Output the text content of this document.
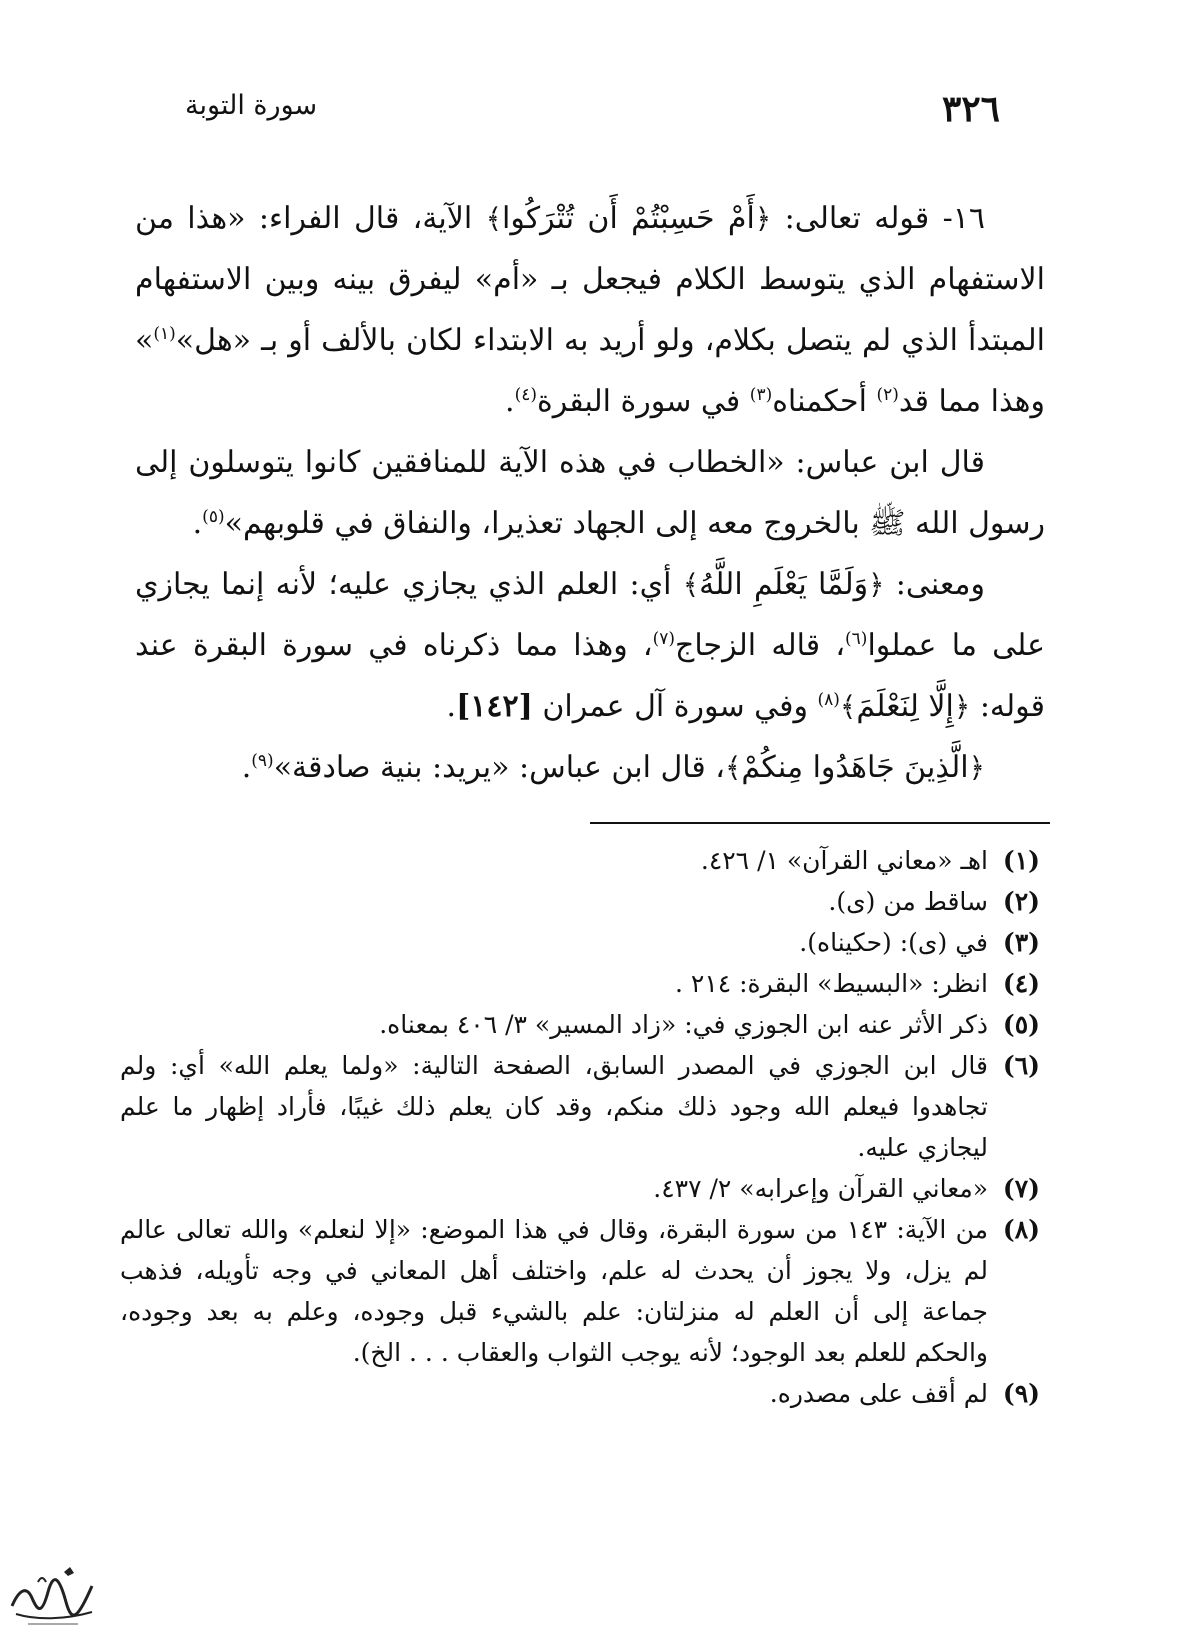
٣٢٦
سورة التوبة

١٦- قوله تعالى: ﴿أَمْ حَسِبْتُمْ أَن تُتْرَكُوا﴾ الآية، قال الفراء: «هذا من الاستفهام الذي يتوسط الكلام فيجعل بـ «أم» ليفرق بينه وبين الاستفهام المبتدأ الذي لم يتصل بكلام، ولو أريد به الابتداء لكان بالألف أو بـ «هل»$^{(١)}$» وهذا مما قد$^{(٢)}$ أحكمناه$^{(٣)}$ في سورة البقرة$^{(٤)}$.

قال ابن عباس: «الخطاب في هذه الآية للمنافقين كانوا يتوسلون إلى رسول الله ﷺ بالخروج معه إلى الجهاد تعذيرا، والنفاق في قلوبهم»$^{(٥)}$.

ومعنى: ﴿وَلَمَّا يَعْلَمِ اللَّهُ﴾ أي: العلم الذي يجازي عليه؛ لأنه إنما يجازي على ما عملوا$^{(٦)}$، قاله الزجاج$^{(٧)}$، وهذا مما ذكرناه في سورة البقرة عند قوله: ﴿إِلَّا لِنَعْلَمَ﴾$^{(٨)}$ وفي سورة آل عمران [١٤٢].

﴿الَّذِينَ جَاهَدُوا مِنكُمْ﴾، قال ابن عباس: «يريد: بنية صادقة»$^{(٩)}$.

(١)
اهـ «معاني القرآن» ١/ ٤٢٦.
(٢)
ساقط من (ى).
(٣)
في (ى): (حكيناه).
(٤)
انظر: «البسيط» البقرة: ٢١٤ .
(٥)
ذكر الأثر عنه ابن الجوزي في: «زاد المسير» ٣/ ٤٠٦ بمعناه.
(٦)
قال ابن الجوزي في المصدر السابق، الصفحة التالية: «ولما يعلم الله» أي: ولم تجاهدوا فيعلم الله وجود ذلك منكم، وقد كان يعلم ذلك غيبًا، فأراد إظهار ما علم ليجازي عليه.
(٧)
«معاني القرآن وإعرابه» ٢/ ٤٣٧.
(٨)
من الآية: ١٤٣ من سورة البقرة، وقال في هذا الموضع: «إلا لنعلم» والله تعالى عالم لم يزل، ولا يجوز أن يحدث له علم، واختلف أهل المعاني في وجه تأويله، فذهب جماعة إلى أن العلم له منزلتان: علم بالشيء قبل وجوده، وعلم به بعد وجوده، والحكم للعلم بعد الوجود؛ لأنه يوجب الثواب والعقاب . . . الخ).
(٩)
لم أقف على مصدره.
